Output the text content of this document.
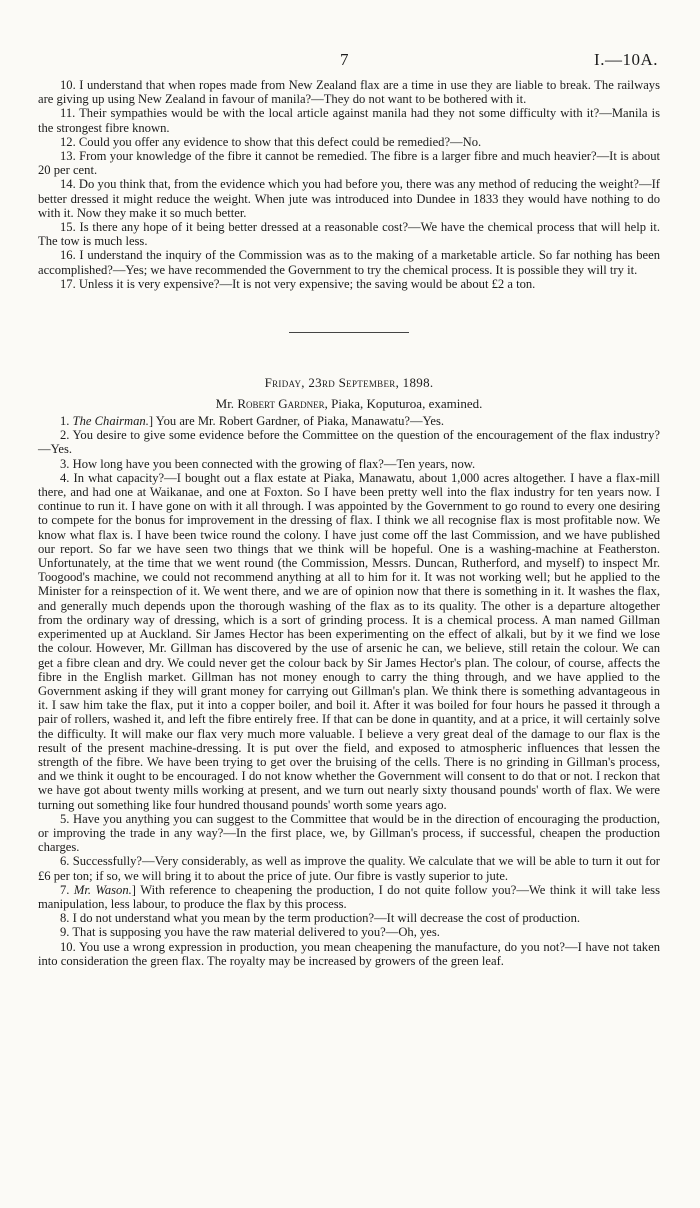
7	I.—10A.

10. I understand that when ropes made from New Zealand flax are a time in use they are liable to break. The railways are giving up using New Zealand in favour of manila?—They do not want to be bothered with it.

11. Their sympathies would be with the local article against manila had they not some difficulty with it?—Manila is the strongest fibre known.

12. Could you offer any evidence to show that this defect could be remedied?—No.

13. From your knowledge of the fibre it cannot be remedied. The fibre is a larger fibre and much heavier?—It is about 20 per cent.

14. Do you think that, from the evidence which you had before you, there was any method of reducing the weight?—If better dressed it might reduce the weight. When jute was introduced into Dundee in 1833 they would have nothing to do with it. Now they make it so much better.

15. Is there any hope of it being better dressed at a reasonable cost?—We have the chemical process that will help it. The tow is much less.

16. I understand the inquiry of the Commission was as to the making of a marketable article. So far nothing has been accomplished?—Yes; we have recommended the Government to try the chemical process. It is possible they will try it.

17. Unless it is very expensive?—It is not very expensive; the saving would be about £2 a ton.

Friday, 23rd September, 1898.

Mr. Robert Gardner, Piaka, Koputuroa, examined.

1. The Chairman.] You are Mr. Robert Gardner, of Piaka, Manawatu?—Yes.

2. You desire to give some evidence before the Committee on the question of the encouragement of the flax industry?—Yes.

3. How long have you been connected with the growing of flax?—Ten years, now.

4. In what capacity?—I bought out a flax estate at Piaka, Manawatu, about 1,000 acres altogether. I have a flax-mill there, and had one at Waikanae, and one at Foxton. So I have been pretty well into the flax industry for ten years now. I continue to run it. I have gone on with it all through. I was appointed by the Government to go round to every one desiring to compete for the bonus for improvement in the dressing of flax. I think we all recognise flax is most profitable now. We know what flax is. I have been twice round the colony. I have just come off the last Commission, and we have published our report. So far we have seen two things that we think will be hopeful. One is a washing-machine at Featherston. Unfortunately, at the time that we went round (the Commission, Messrs. Duncan, Rutherford, and myself) to inspect Mr. Toogood's machine, we could not recommend anything at all to him for it. It was not working well; but he applied to the Minister for a reinspection of it. We went there, and we are of opinion now that there is something in it. It washes the flax, and generally much depends upon the thorough washing of the flax as to its quality. The other is a departure altogether from the ordinary way of dressing, which is a sort of grinding process. It is a chemical process. A man named Gillman experimented up at Auckland. Sir James Hector has been experimenting on the effect of alkali, but by it we find we lose the colour. However, Mr. Gillman has discovered by the use of arsenic he can, we believe, still retain the colour. We can get a fibre clean and dry. We could never get the colour back by Sir James Hector's plan. The colour, of course, affects the fibre in the English market. Gillman has not money enough to carry the thing through, and we have applied to the Government asking if they will grant money for carrying out Gillman's plan. We think there is something advantageous in it. I saw him take the flax, put it into a copper boiler, and boil it. After it was boiled for four hours he passed it through a pair of rollers, washed it, and left the fibre entirely free. If that can be done in quantity, and at a price, it will certainly solve the difficulty. It will make our flax very much more valuable. I believe a very great deal of the damage to our flax is the result of the present machine-dressing. It is put over the field, and exposed to atmospheric influences that lessen the strength of the fibre. We have been trying to get over the bruising of the cells. There is no grinding in Gillman's process, and we think it ought to be encouraged. I do not know whether the Government will consent to do that or not. I reckon that we have got about twenty mills working at present, and we turn out nearly sixty thousand pounds' worth of flax. We were turning out something like four hundred thousand pounds' worth some years ago.

5. Have you anything you can suggest to the Committee that would be in the direction of encouraging the production, or improving the trade in any way?—In the first place, we, by Gillman's process, if successful, cheapen the production charges.

6. Successfully?—Very considerably, as well as improve the quality. We calculate that we will be able to turn it out for £6 per ton; if so, we will bring it to about the price of jute. Our fibre is vastly superior to jute.

7. Mr. Wason.] With reference to cheapening the production, I do not quite follow you?—We think it will take less manipulation, less labour, to produce the flax by this process.

8. I do not understand what you mean by the term production?—It will decrease the cost of production.

9. That is supposing you have the raw material delivered to you?—Oh, yes.

10. You use a wrong expression in production, you mean cheapening the manufacture, do you not?—I have not taken into consideration the green flax. The royalty may be increased by growers of the green leaf.
